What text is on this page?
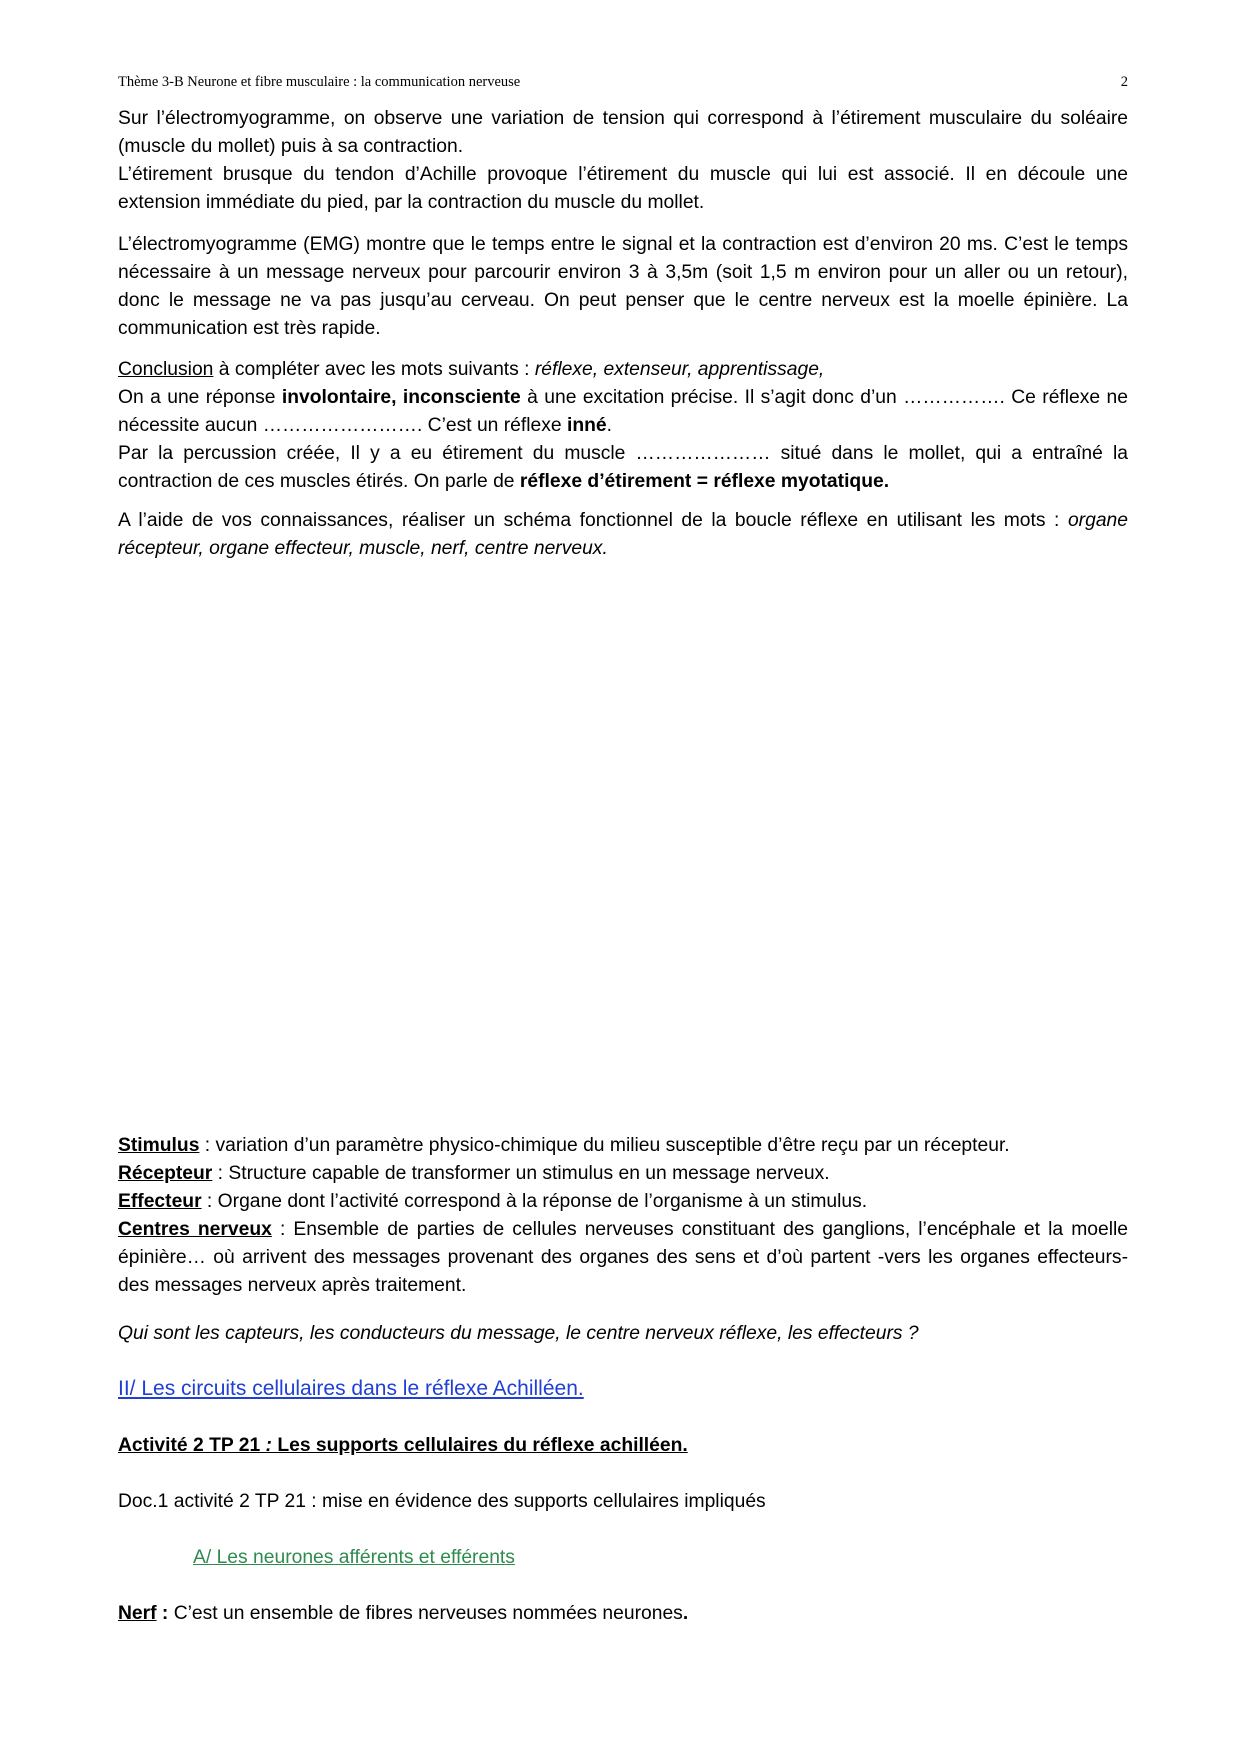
Thème 3-B Neurone et fibre musculaire : la communication nerveuse	2

Sur l’électromyogramme, on observe une variation de tension qui correspond à l’étirement musculaire du soléaire (muscle du mollet) puis à sa contraction.

L’étirement brusque du tendon d’Achille provoque l’étirement du muscle qui lui est associé. Il en découle une extension immédiate du pied, par la contraction du muscle du mollet.

L’électromyogramme (EMG) montre que le temps entre le signal et la contraction est d’environ 20 ms. C’est le temps nécessaire à un message nerveux pour parcourir environ 3 à 3,5m (soit 1,5 m environ pour un aller ou un retour), donc le message ne va pas jusqu’au cerveau. On peut penser que le centre nerveux est la moelle épinière. La communication est très rapide.

Conclusion à compléter avec les mots suivants : réflexe, extenseur, apprentissage,

On a une réponse involontaire, inconsciente à une excitation précise. Il s’agit donc d’un ……………. Ce réflexe ne nécessite aucun ……………………. C’est un réflexe inné.

Par la percussion créée, Il y a eu étirement du muscle ………………… situé dans le mollet, qui a entraîné la contraction de ces muscles étirés. On parle de réflexe d’étirement = réflexe myotatique.

A l’aide de vos connaissances, réaliser un schéma fonctionnel de la boucle réflexe en utilisant les mots : organe récepteur, organe effecteur, muscle, nerf, centre nerveux.

Stimulus : variation d’un paramètre physico-chimique du milieu susceptible d’être reçu par un récepteur.

Récepteur : Structure capable de transformer un stimulus en un message nerveux.

Effecteur : Organe dont l’activité correspond à la réponse de l’organisme à un stimulus.

Centres nerveux : Ensemble de parties de cellules nerveuses constituant des ganglions, l’encéphale et la moelle épinière… où arrivent des messages provenant des organes des sens et d’où partent -vers les organes effecteurs- des messages nerveux après traitement.

Qui sont les capteurs, les conducteurs du message, le centre nerveux réflexe, les effecteurs ?

II/ Les circuits cellulaires dans le réflexe Achilléen.

Activité 2 TP 21 : Les supports cellulaires du réflexe achilléen.

Doc.1 activité 2 TP 21 : mise en évidence des supports cellulaires impliqués

A/ Les neurones afférents et efférents

Nerf : C’est un ensemble de fibres nerveuses nommées neurones.
